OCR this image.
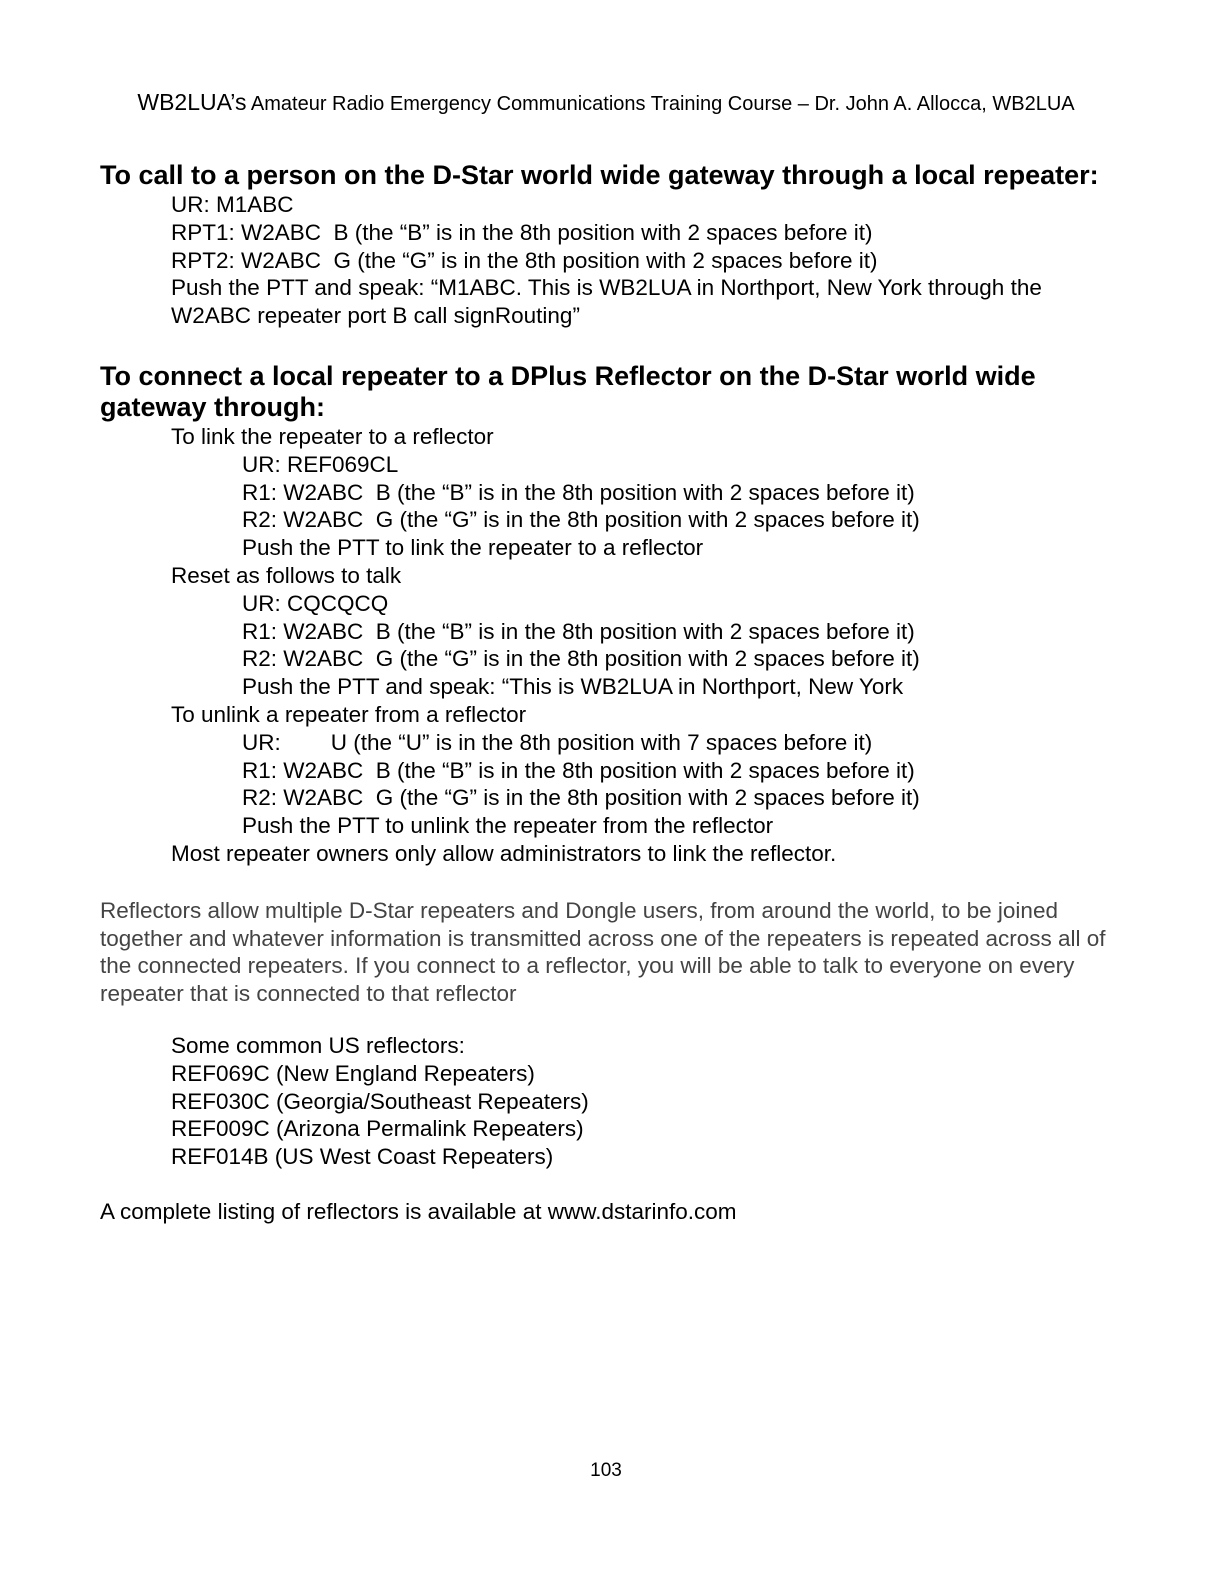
WB2LUA’s Amateur Radio Emergency Communications Training Course – Dr. John A. Allocca, WB2LUA
To call to a person on the D-Star world wide gateway through a local repeater:
UR: M1ABC
RPT1: W2ABC  B (the “B” is in the 8th position with 2 spaces before it)
RPT2: W2ABC  G (the “G” is in the 8th position with 2 spaces before it)
Push the PTT and speak: “M1ABC. This is WB2LUA in Northport, New York through the
W2ABC repeater port B call signRouting”
To connect a local repeater to a DPlus Reflector on the D-Star world wide gateway through:
To link the repeater to a reflector
UR: REF069CL
R1: W2ABC  B (the “B” is in the 8th position with 2 spaces before it)
R2: W2ABC  G (the “G” is in the 8th position with 2 spaces before it)
Push the PTT to link the repeater to a reflector
Reset as follows to talk
UR: CQCQCQ
R1: W2ABC  B (the “B” is in the 8th position with 2 spaces before it)
R2: W2ABC  G (the “G” is in the 8th position with 2 spaces before it)
Push the PTT and speak: “This is WB2LUA in Northport, New York
To unlink a repeater from a reflector
UR:        U (the “U” is in the 8th position with 7 spaces before it)
R1: W2ABC  B (the “B” is in the 8th position with 2 spaces before it)
R2: W2ABC  G (the “G” is in the 8th position with 2 spaces before it)
Push the PTT to unlink the repeater from the reflector
Most repeater owners only allow administrators to link the reflector.

Reflectors allow multiple D-Star repeaters and Dongle users, from around the world, to be joined together and whatever information is transmitted across one of the repeaters is repeated across all of the connected repeaters. If you connect to a reflector, you will be able to talk to everyone on every repeater that is connected to that reflector

Some common US reflectors:
REF069C (New England Repeaters)
REF030C (Georgia/Southeast Repeaters)
REF009C (Arizona Permalink Repeaters)
REF014B (US West Coast Repeaters)
A complete listing of reflectors is available at www.dstarinfo.com
103
